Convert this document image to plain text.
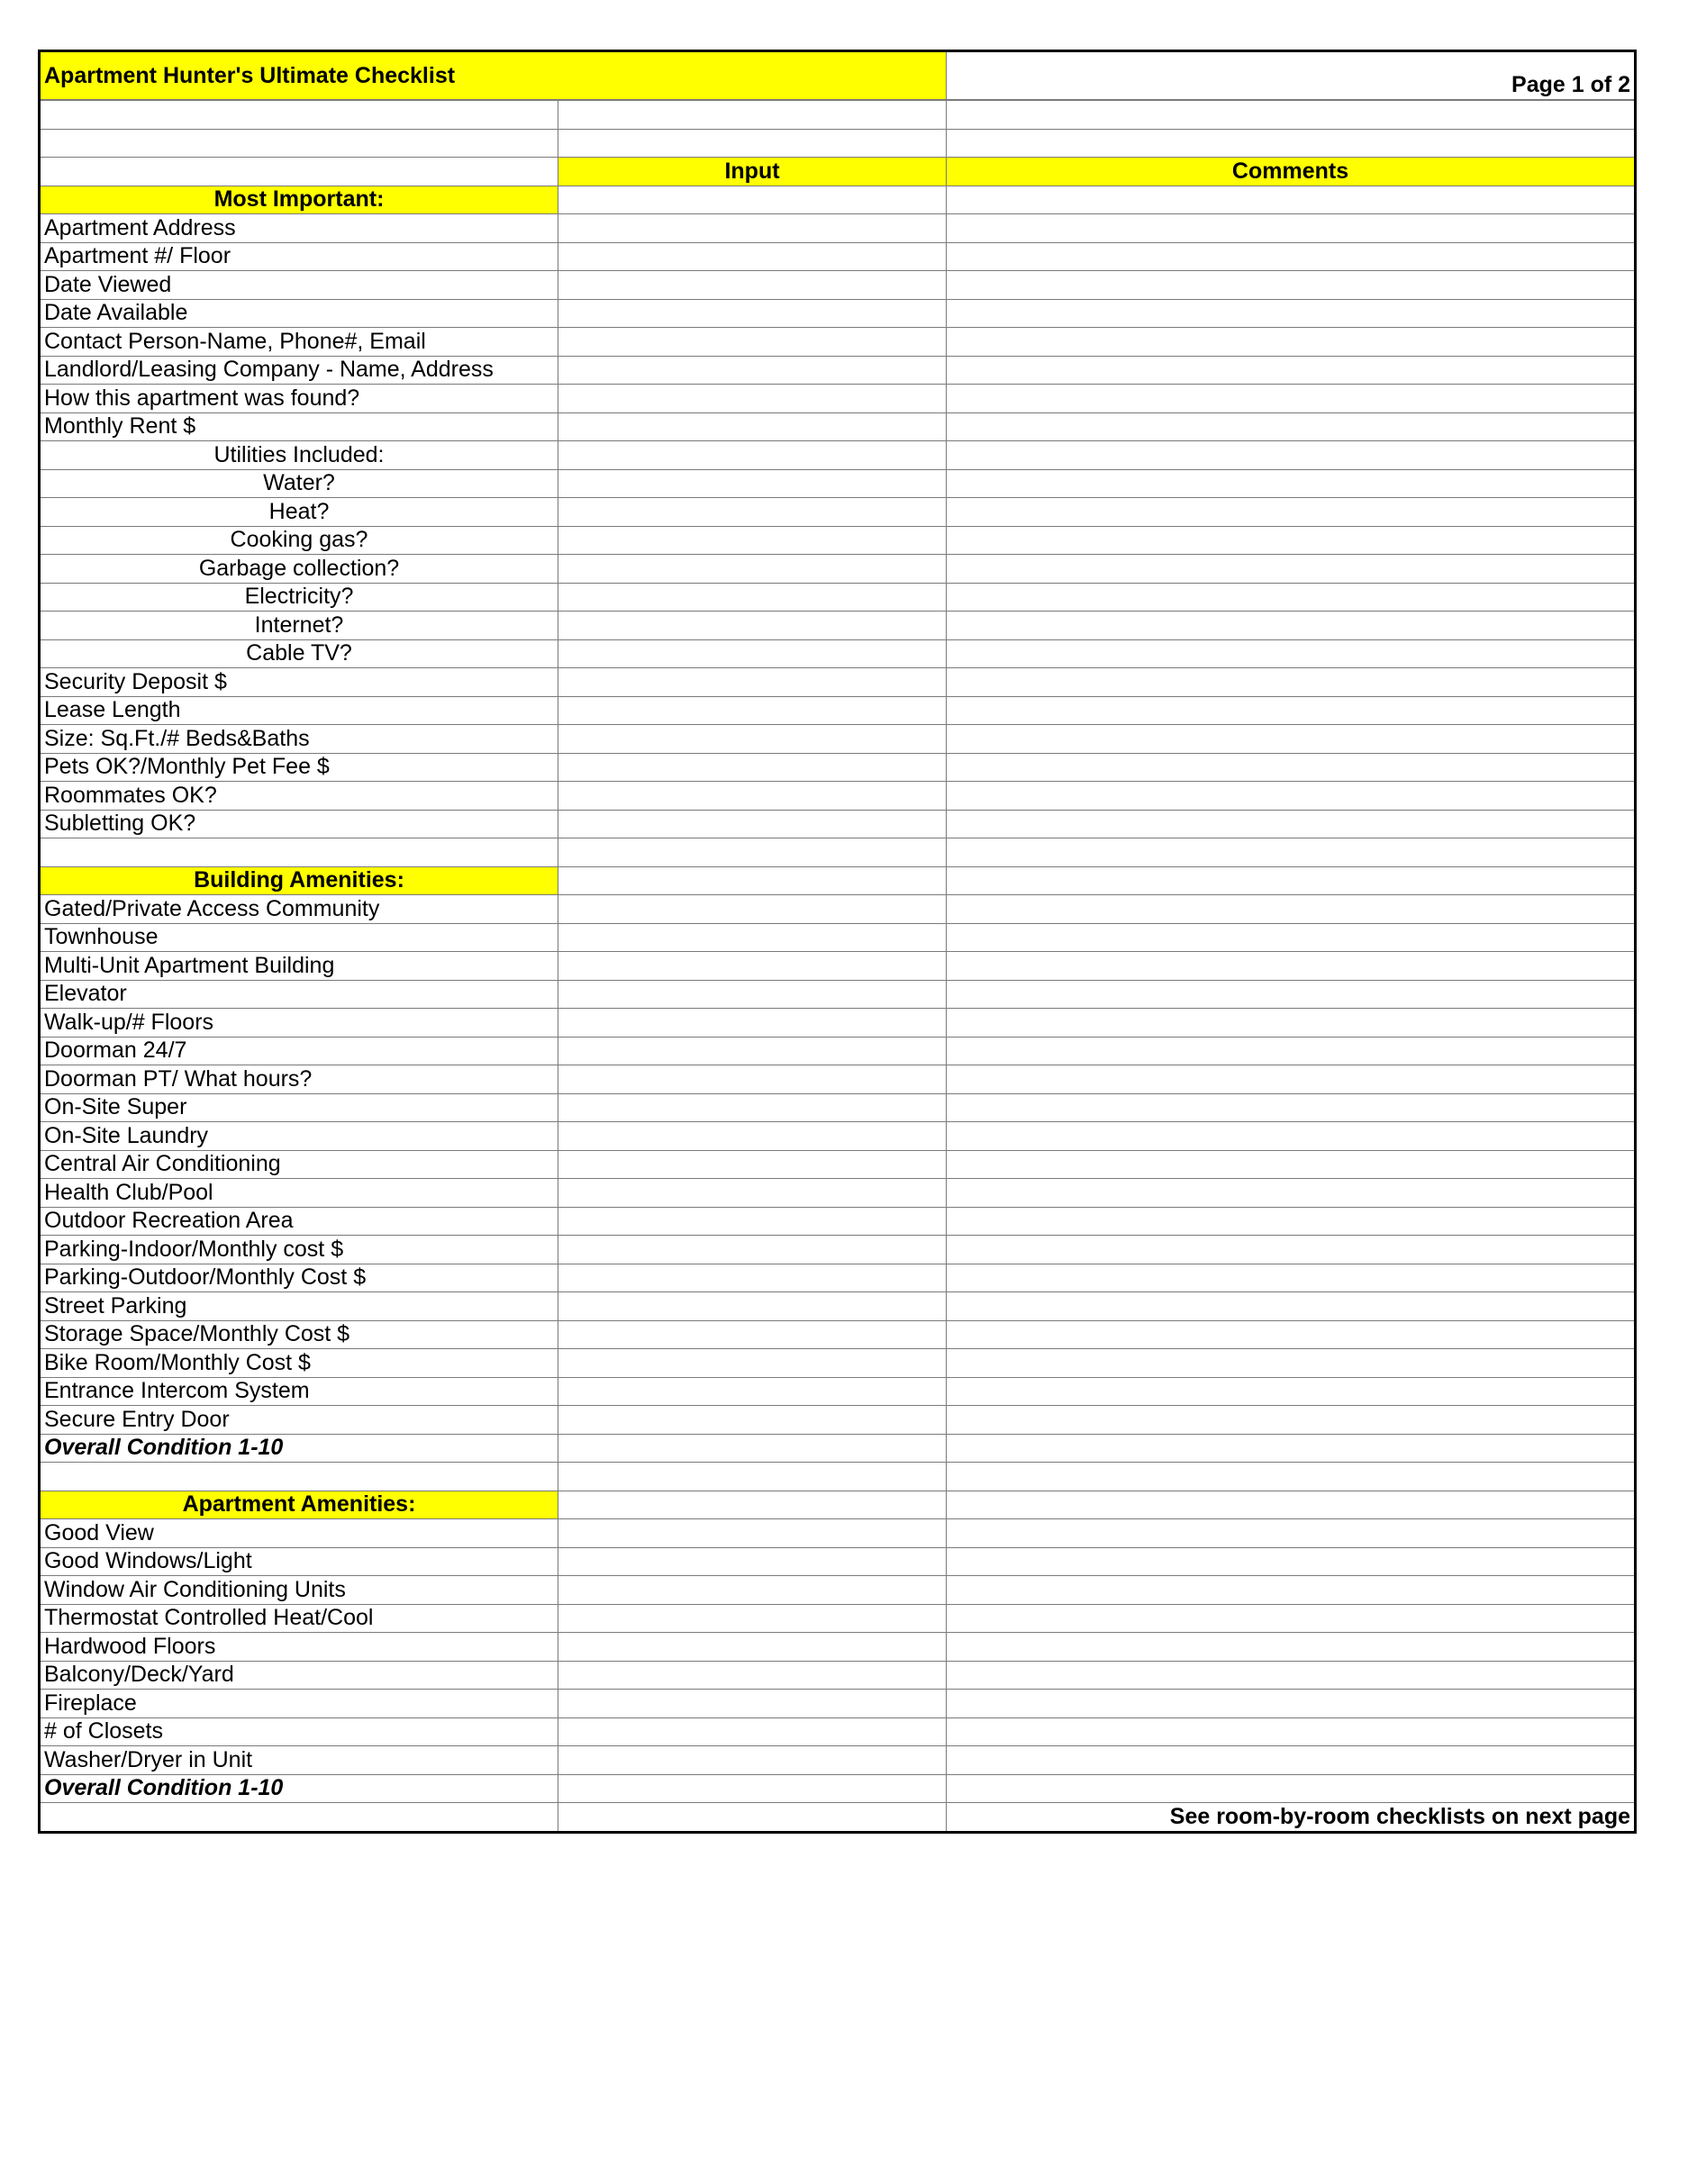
Apartment Hunter's Ultimate Checklist		Page 1 of 2

	Input	Comments
Most Important:		
Apartment Address		
Apartment #/ Floor		
Date Viewed		
Date Available		
Contact Person-Name, Phone#, Email		
Landlord/Leasing Company - Name, Address		
How this apartment was found?		
Monthly Rent $		
Utilities Included:		
Water?		
Heat?		
Cooking gas?		
Garbage collection?		
Electricity?		
Internet?		
Cable TV?		
Security Deposit $		
Lease Length		
Size: Sq.Ft./# Beds&Baths		
Pets OK?/Monthly Pet Fee $		
Roommates OK?		
Subletting OK?		

Building Amenities:		
Gated/Private Access Community		
Townhouse		
Multi-Unit Apartment Building		
Elevator		
Walk-up/# Floors		
Doorman 24/7		
Doorman PT/ What hours?		
On-Site Super		
On-Site Laundry		
Central Air Conditioning		
Health Club/Pool		
Outdoor Recreation Area		
Parking-Indoor/Monthly cost $		
Parking-Outdoor/Monthly Cost $		
Street Parking		
Storage Space/Monthly Cost $		
Bike Room/Monthly Cost $		
Entrance Intercom System		
Secure Entry Door		
Overall Condition 1-10		

Apartment Amenities:		
Good View		
Good Windows/Light		
Window Air Conditioning Units		
Thermostat Controlled Heat/Cool		
Hardwood Floors		
Balcony/Deck/Yard		
Fireplace		
# of Closets		
Washer/Dryer in Unit		
Overall Condition 1-10		
		See room-by-room checklists on next page
